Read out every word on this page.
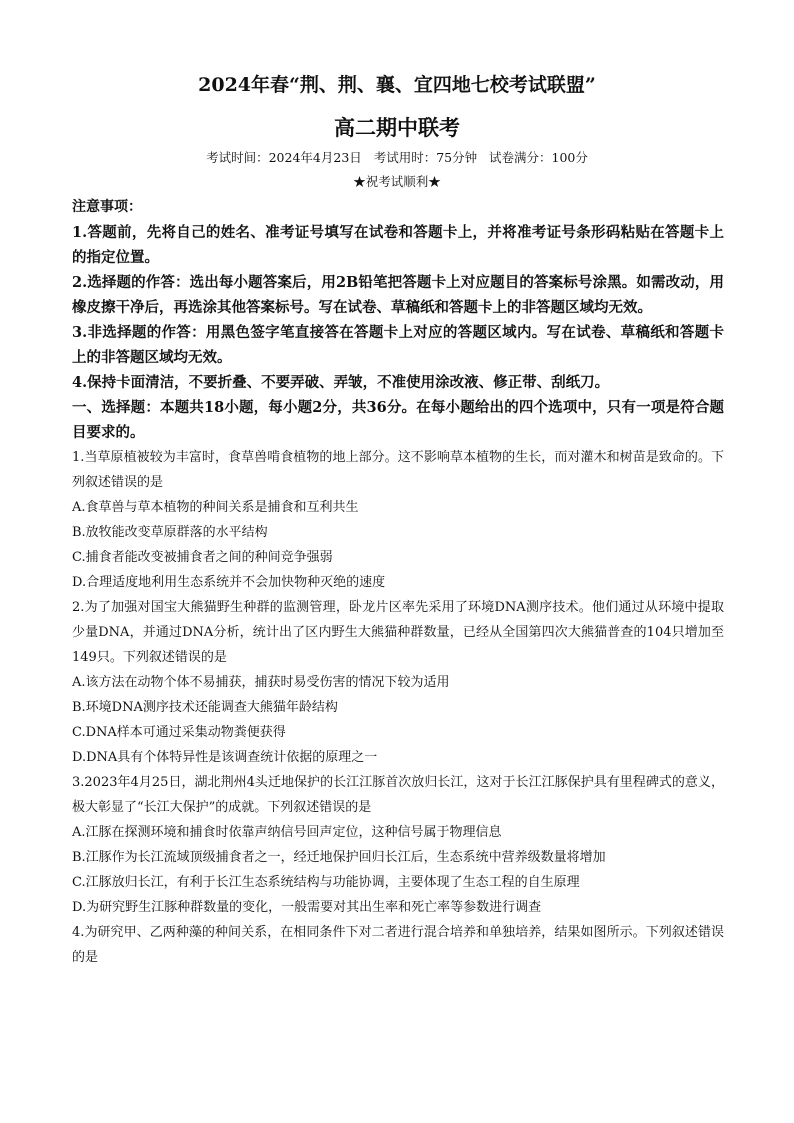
2024年春“荆、荆、襄、宜四地七校考试联盟”
高二期中联考
考试时间：2024年4月23日   考试用时：75分钟   试卷满分：100分
★祝考试顺利★

注意事项：

1.答题前，先将自己的姓名、准考证号填写在试卷和答题卡上，并将准考证号条形码粘贴在答题卡上的指定位置。

2.选择题的作答：选出每小题答案后，用2B铅笔把答题卡上对应题目的答案标号涂黑。如需改动，用橡皮擦干净后，再选涂其他答案标号。写在试卷、草稿纸和答题卡上的非答题区域均无效。

3.非选择题的作答：用黑色签字笔直接答在答题卡上对应的答题区域内。写在试卷、草稿纸和答题卡上的非答题区域均无效。

4.保持卡面清洁，不要折叠、不要弄破、弄皱，不准使用涂改液、修正带、刮纸刀。

一、选择题：本题共18小题，每小题2分，共36分。在每小题给出的四个选项中，只有一项是符合题目要求的。

1.当草原植被较为丰富时，食草兽啃食植物的地上部分。这不影响草本植物的生长，而对灌木和树苗是致命的。下列叙述错误的是

A.食草兽与草本植物的种间关系是捕食和互利共生

B.放牧能改变草原群落的水平结构

C.捕食者能改变被捕食者之间的种间竞争强弱

D.合理适度地利用生态系统并不会加快物种灭绝的速度

2.为了加强对国宝大熊猫野生种群的监测管理，卧龙片区率先采用了环境DNA测序技术。他们通过从环境中提取少量DNA，并通过DNA分析，统计出了区内野生大熊猫种群数量，已经从全国第四次大熊猫普查的104只增加至149只。下列叙述错误的是

A.该方法在动物个体不易捕获，捕获时易受伤害的情况下较为适用

B.环境DNA测序技术还能调查大熊猫年龄结构

C.DNA样本可通过采集动物粪便获得

D.DNA具有个体特异性是该调查统计依据的原理之一

3.2023年4月25日，湖北荆州4头迁地保护的长江江豚首次放归长江，这对于长江江豚保护具有里程碑式的意义，极大彰显了“长江大保护”的成就。下列叙述错误的是

A.江豚在探测环境和捕食时依靠声纳信号回声定位，这种信号属于物理信息

B.江豚作为长江流域顶级捕食者之一，经迁地保护回归长江后，生态系统中营养级数量将增加

C.江豚放归长江，有利于长江生态系统结构与功能协调，主要体现了生态工程的自生原理

D.为研究野生江豚种群数量的变化，一般需要对其出生率和死亡率等参数进行调查

4.为研究甲、乙两种藻的种间关系，在相同条件下对二者进行混合培养和单独培养，结果如图所示。下列叙述错误的是
